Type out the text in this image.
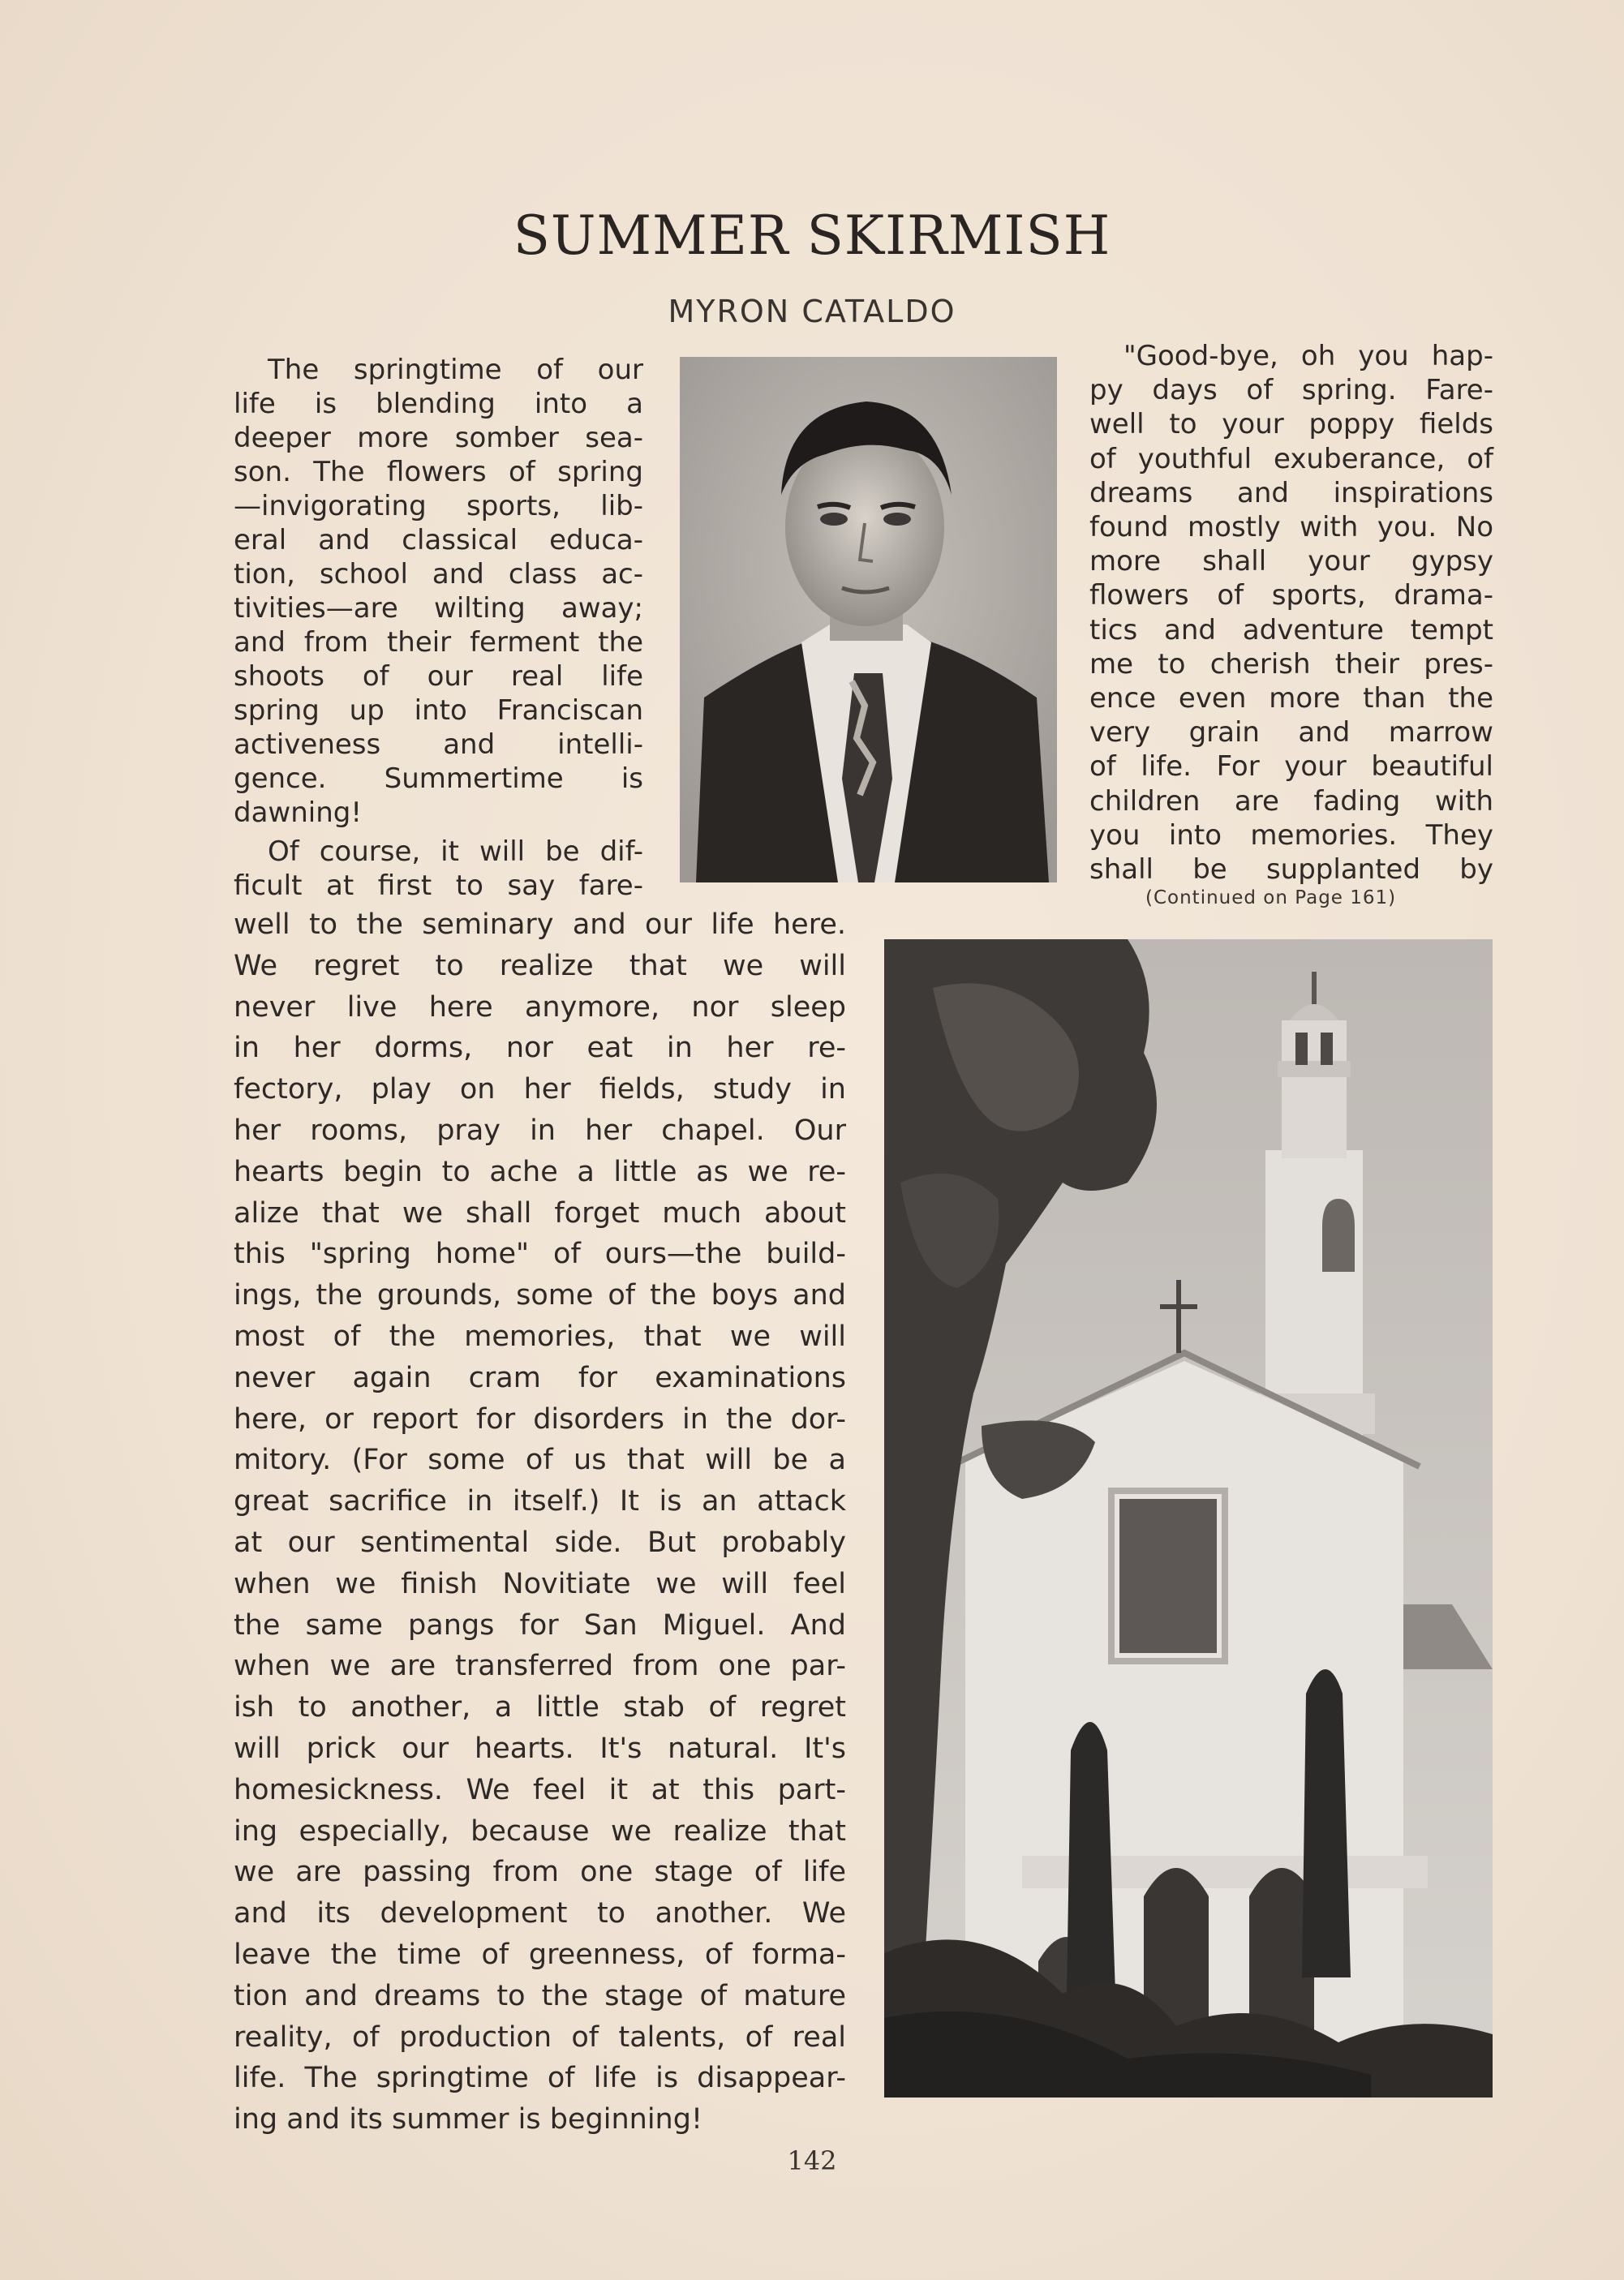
SUMMER SKIRMISH
MYRON CATALDO
The springtime of our
life is blending into a
deeper more somber sea-
son. The flowers of spring
—invigorating sports, lib-
eral and classical educa-
tion, school and class ac-
tivities—are wilting away;
and from their ferment the
shoots of our real life
spring up into Franciscan
activeness and intelli-
gence. Summertime is
dawning!
Of course, it will be dif-
ficult at first to say fare-
"Good-bye, oh you hap-
py days of spring. Fare-
well to your poppy fields
of youthful exuberance, of
dreams and inspirations
found mostly with you. No
more shall your gypsy
flowers of sports, drama-
tics and adventure tempt
me to cherish their pres-
ence even more than the
very grain and marrow
of life. For your beautiful
children are fading with
you into memories. They
shall be supplanted by
(Continued on Page 161)
well to the seminary and our life here.
We regret to realize that we will
never live here anymore, nor sleep
in her dorms, nor eat in her re-
fectory, play on her fields, study in
her rooms, pray in her chapel. Our
hearts begin to ache a little as we re-
alize that we shall forget much about
this "spring home" of ours—the build-
ings, the grounds, some of the boys and
most of the memories, that we will
never again cram for examinations
here, or report for disorders in the dor-
mitory. (For some of us that will be a
great sacrifice in itself.) It is an attack
at our sentimental side. But probably
when we finish Novitiate we will feel
the same pangs for San Miguel. And
when we are transferred from one par-
ish to another, a little stab of regret
will prick our hearts. It's natural. It's
homesickness. We feel it at this part-
ing especially, because we realize that
we are passing from one stage of life
and its development to another. We
leave the time of greenness, of forma-
tion and dreams to the stage of mature
reality, of production of talents, of real
life. The springtime of life is disappear-
ing and its summer is beginning!
142
